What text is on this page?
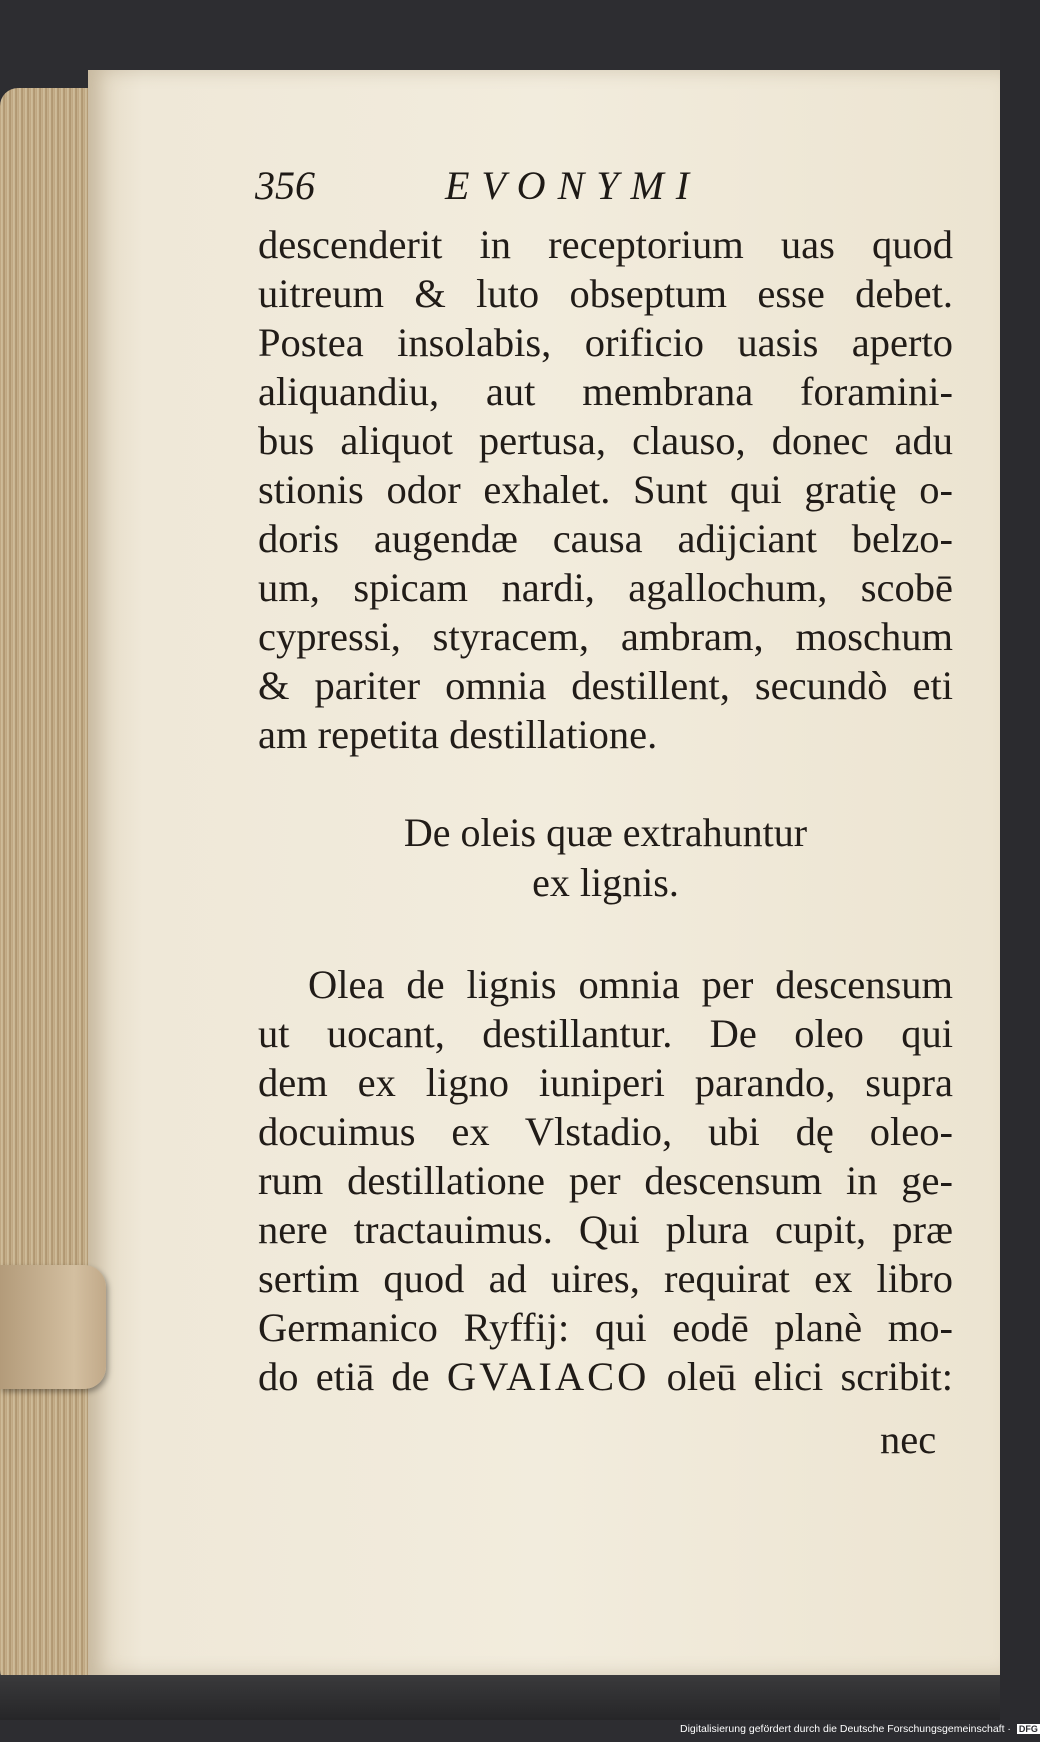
356	EVONYMI
descenderit in receptorium uas quod
uitreum & luto obseptum esse debet.
Postea insolabis, orificio uasis aperto
aliquandiu, aut membrana foramini-
bus aliquot pertusa, clauso, donec adu
stionis odor exhalet. Sunt qui gratię o-
doris augendæ causa adijciant belzo-
um, spicam nardi, agallochum, scobē
cypressi, styracem, ambram, moschum
& pariter omnia destillent, secundò eti
am repetita destillatione.
De oleis quæ extrahuntur
ex lignis.
Olea de lignis omnia per descensum
ut uocant, destillantur. De oleo qui
dem ex ligno iuniperi parando, supra
docuimus ex Vlstadio, ubi dę oleo-
rum destillatione per descensum in ge-
nere tractauimus. Qui plura cupit, præ
sertim quod ad uires, requirat ex libro
Germanico Ryffij: qui eodē planè mo-
do etiā de GVAIACO oleū elici scribit:
nec
Digitalisierung gefördert durch die Deutsche Forschungsgemeinschaft · DFG
